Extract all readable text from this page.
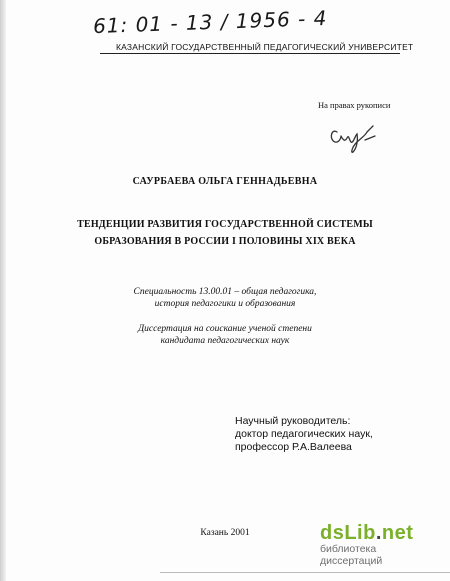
61: 01 - 13 / 1956 - 4
КАЗАНСКИЙ ГОСУДАРСТВЕННЫЙ ПЕДАГОГИЧЕСКИЙ УНИВЕРСИТЕТ
На правах рукописи
САУРБАЕВА ОЛЬГА ГЕННАДЬЕВНА
ТЕНДЕНЦИИ РАЗВИТИЯ ГОСУДАРСТВЕННОЙ СИСТЕМЫ
ОБРАЗОВАНИЯ В РОССИИ I ПОЛОВИНЫ XIX ВЕКА
Специальность 13.00.01 – общая педагогика,
история педагогики и образования
Диссертация на соискание ученой степени
кандидата педагогических наук
Научный руководитель:
доктор педагогических наук,
профессор Р.А.Валеева
Казань 2001	dsLib.net
библиотека диссертаций
